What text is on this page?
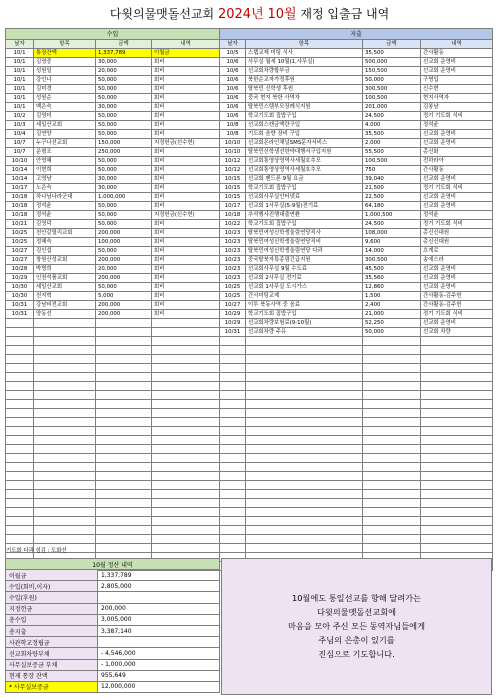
다윗의물맷돌선교회 2024년 10월 재정 입출금 내역
수입			
날자	항목	금액	내역
10/1	통장잔액	1,337,789	이월금
10/1	김영중	30,000	회비
10/1	성원일	20,000	회비
10/1	강인나	50,000	회비
10/1	김미경	50,000	회비
10/1	성원순	50,000	회비
10/1	백은숙	30,000	회비
10/2	김영미	50,000	회비
10/3	세일산교회	50,000	회비
10/4	김연양	50,000	회비
10/7	누구나선교회	150,000	지정헌금(선수현)
10/7	운형조	250,000	회비
10/10	안영혜	50,000	회비
10/14	이현희	50,000	회비
10/14	고영남	30,000	회비
10/17	노은숙	30,000	회비
10/18	하나님나라군대	1,000,000	회비
10/18	정석윤	50,000	회비
10/18	정석윤	50,000	지정헌금(신수현)
10/21	김영덕	50,000	회비
10/25	천안갈릴리교회	200,000	회비
10/25	정혜숙	100,000	회비
10/27	김인섭	50,000	회비
10/27	창원산성교회	200,000	회비
10/28	박명희	20,000	회비
10/29	인천석품교회	200,000	회비
10/30	세일산교회	50,000	회비
10/30	천지혁	5,000	회비
10/31	강남비전교회	200,000	회비
10/31	양동선	200,000	회비

지출			
날자	항목	금액	내역
10/5	스텝교제 미팅 식사	35,500	간사활동
10/6	사무실 월세 10월(1,사무실)	500,000	선교회 운영비
10/6	선교회차량할부금	150,500	선교회 운영비
10/6	북한순교자가정후원	50,000	구명입
10/6	탈북민 신학생 후원	300,500	신수현
10/6	중국 현지 북한 사역자	100,500	현지사역자
10/6	탈북민스템부모장례식지원	201,000	김봉남
10/6	학교기도회 집밥구입	24,500	정기 기도회 식비
10/8	선교회스캔금액란구입	4,000	정석윤
10/8	기도회 음향 장비 구입	35,500	선교회 운영비
10/10	선교회온라인채널SMS문자서비스	2,000	선교회 운영비
10/10	탈북민신학생선한약대행서구입지원	55,500	총신화
10/12	선교회통영상영역사세월호추모	100,500	전하라아
10/12	선교회통영상영역사세월호추모	750	간사활동
10/15	선교회 펜드폰 9월 요금	39,040	선교회 운영비
10/15	학교기도회 집밥구입	21,500	정기 기도회 식비
10/15	선교회사무실인터넷료	22,500	선교회 운영비
10/17	선교회 1사무실(5-9월)전기료	64,180	선교회 운영비
10/18	추석행사진행대출연환	1,000,500	정석윤
10/22	학교기도회 집밥구입	24,500	정기 기도회 식비
10/23	탈북민여성신학생울림연당직사	108,000	총신신대원
10/23	탈북민여성신학생울림연당직비	9,600	총신신대원
10/23	탈북민여성신학생울림연당 다과	14,000	흐게로
10/23	중국탈북자특종림긴급지원	300,500	송에스라
10/23	선교회사무실 9월 수도료	45,500	선교회 운영비
10/23	선교회 2사무실 전기료	35,560	선교회 운영비
10/25	선교회 1사무실 도시가스	12,860	선교회 운영비
10/25	간사미팅교제	1,500	간사활동-김주헌
10/27	이투 북동사역 중 음료	2,400	간사활동-김주헌
10/29	학교기도회 집밥구입	21,000	정기 기도회 식비
10/29	선교회차량보험료(9-10월)	52,250	선교회 운영비
10/31	선교회차량 주유	50,000	선교회 차량

기도회 다과 섬김 : 도화선
10월 정산 내역	
이월금	1,337,789
수입(회비,이자)	2,805,000
수입(후원)	
지정헌금	200,000
총수입	3,005,000
총지출	3,387,140
사관학교정립금	
선교회차량부채	- 4,546,000
사무실보증금 부채	- 1,000,000
현재 통장 잔액	955,649
* 사무실보증금	12,000,000
10월에도 통일선교를 향해 달려가는
다윗의물맷돌선교회에
마음을 모아 주신 모든 동역자님들에게
주님의 은총이 있기를
진심으로 기도합니다.
